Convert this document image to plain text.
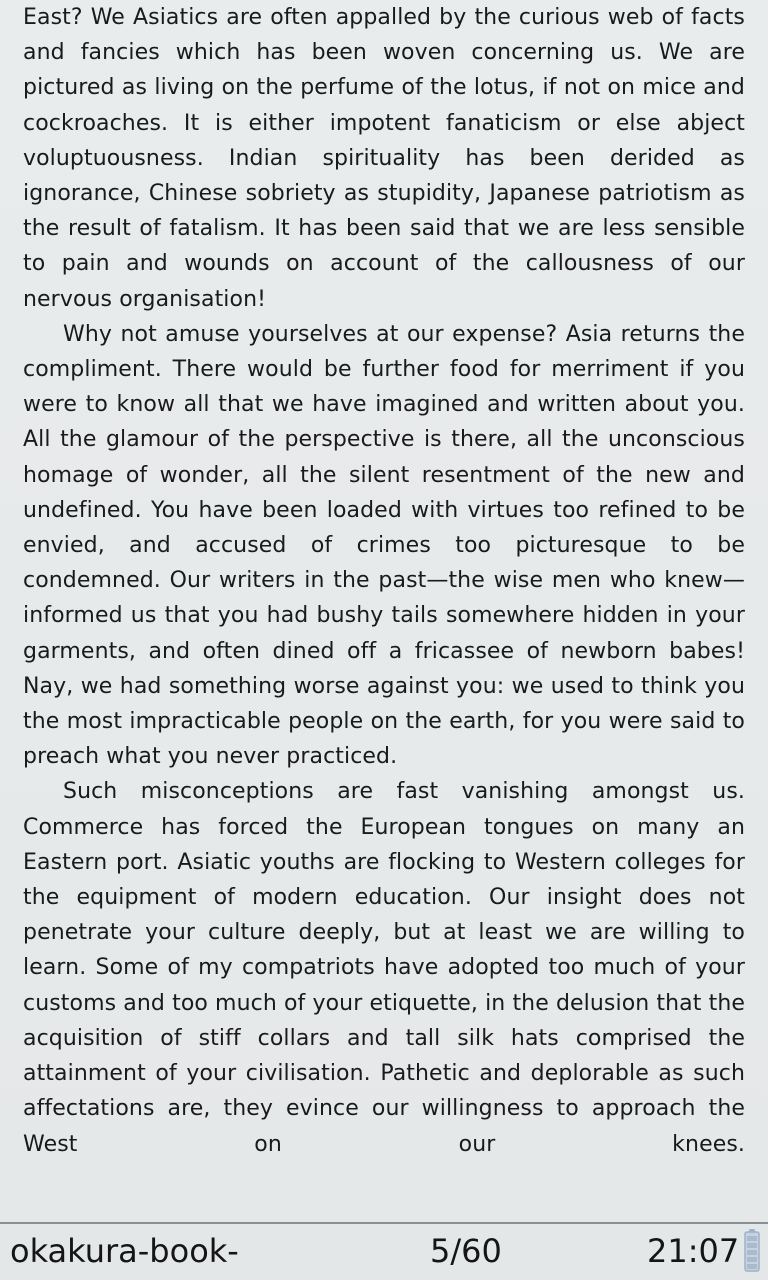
East? We Asiatics are often appalled by the curious web of facts and fancies which has been woven concerning us. We are pictured as living on the perfume of the lotus, if not on mice and cockroaches. It is either impotent fanaticism or else abject voluptuousness. Indian spirituality has been derided as ignorance, Chinese sobriety as stupidity, Japanese patriotism as the result of fatalism. It has been said that we are less sensible to pain and wounds on account of the callousness of our nervous organisation!

Why not amuse yourselves at our expense? Asia returns the compliment. There would be further food for merriment if you were to know all that we have imagined and written about you. All the glamour of the perspective is there, all the unconscious homage of wonder, all the silent resentment of the new and undefined. You have been loaded with virtues too refined to be envied, and accused of crimes too picturesque to be condemned. Our writers in the past—the wise men who knew—informed us that you had bushy tails somewhere hidden in your garments, and often dined off a fricassee of newborn babes! Nay, we had something worse against you: we used to think you the most impracticable people on the earth, for you were said to preach what you never practiced.

Such misconceptions are fast vanishing amongst us. Commerce has forced the European tongues on many an Eastern port. Asiatic youths are flocking to Western colleges for the equipment of modern education. Our insight does not penetrate your culture deeply, but at least we are willing to learn. Some of my compatriots have adopted too much of your customs and too much of your etiquette, in the delusion that the acquisition of stiff collars and tall silk hats comprised the attainment of your civilisation. Pathetic and deplorable as such affectations are, they evince our willingness to approach the West on our knees.

okakura-book-	5/60	21:07
